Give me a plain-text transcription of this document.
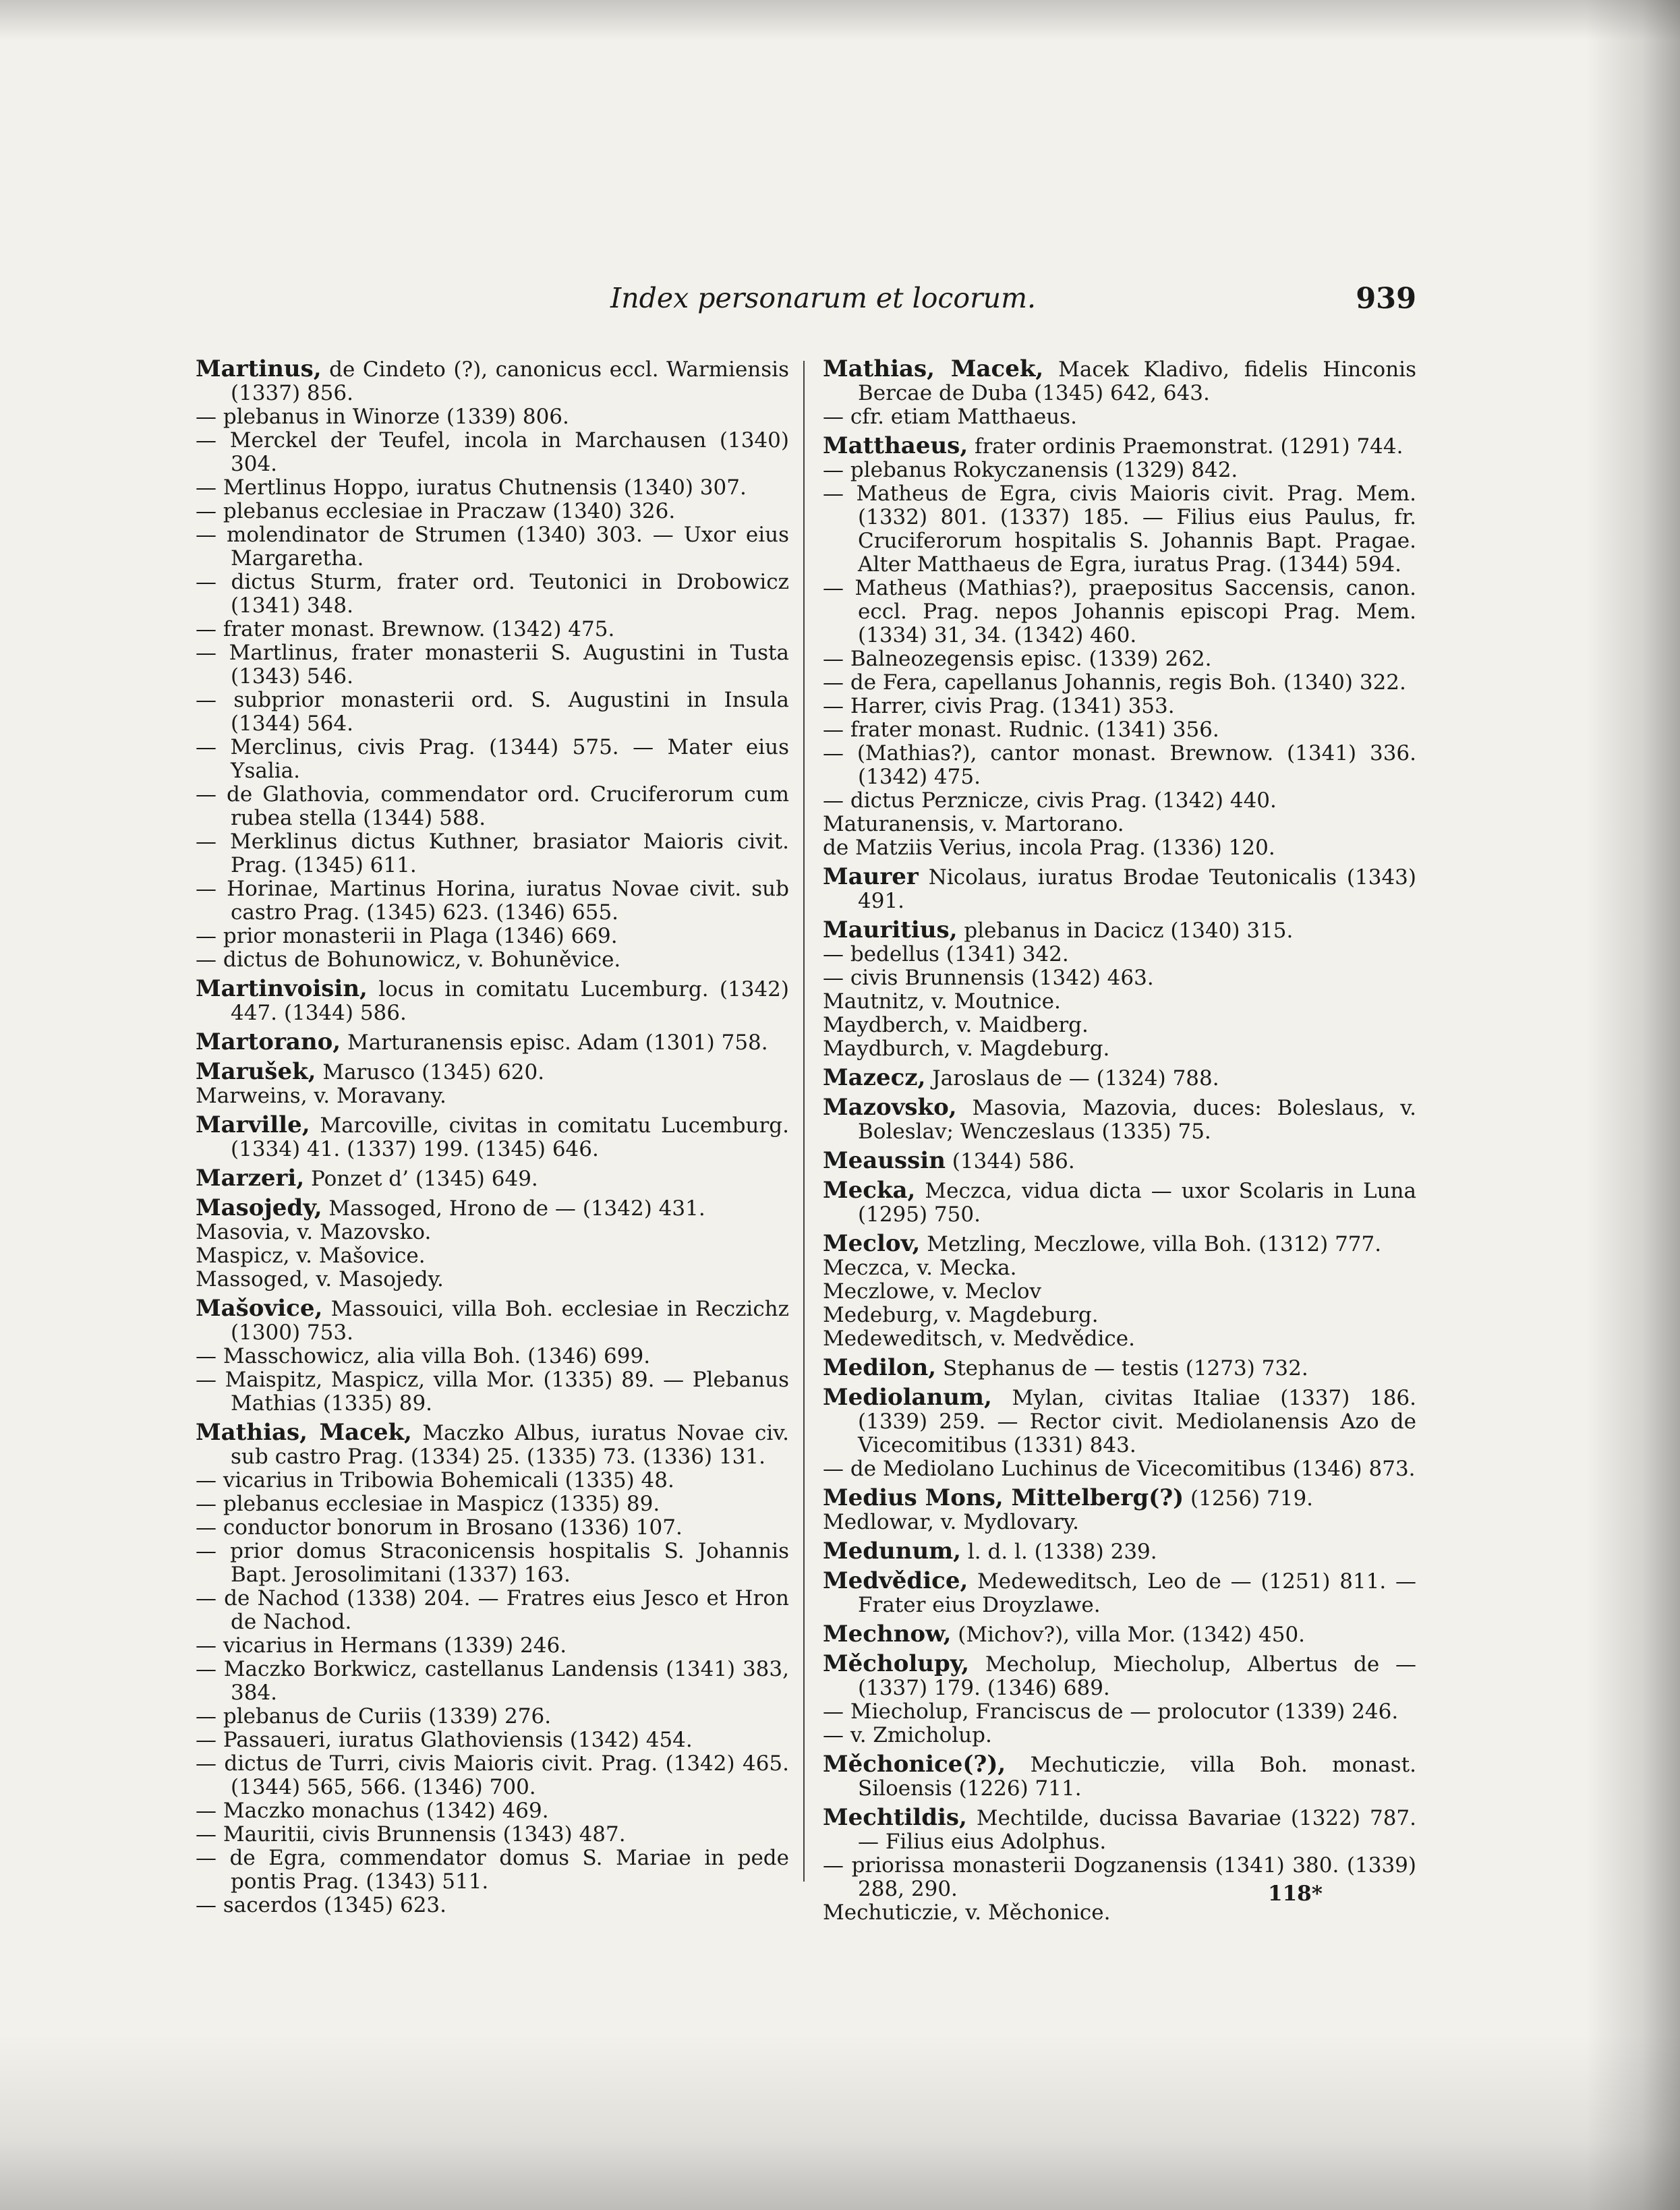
Index personarum et locorum.	939
Martinus, de Cindeto (?), canonicus eccl. Warmiensis (1337) 856.
— plebanus in Winorze (1339) 806.
— Merckel der Teufel, incola in Marchausen (1340) 304.
— Mertlinus Hoppo, iuratus Chutnensis (1340) 307.
— plebanus ecclesiae in Praczaw (1340) 326.
— molendinator de Strumen (1340) 303. — Uxor eius Margaretha.
— dictus Sturm, frater ord. Teutonici in Drobowicz (1341) 348.
— frater monast. Brewnow. (1342) 475.
— Martlinus, frater monasterii S. Augustini in Tusta (1343) 546.
— subprior monasterii ord. S. Augustini in Insula (1344) 564.
— Merclinus, civis Prag. (1344) 575. — Mater eius Ysalia.
— de Glathovia, commendator ord. Cruciferorum cum rubea stella (1344) 588.
— Merklinus dictus Kuthner, brasiator Maioris civit. Prag. (1345) 611.
— Horinae, Martinus Horina, iuratus Novae civit. sub castro Prag. (1345) 623. (1346) 655.
— prior monasterii in Plaga (1346) 669.
— dictus de Bohunowicz, v. Bohuněvice.
Martinvoisin, locus in comitatu Lucemburg. (1342) 447. (1344) 586.
Martorano, Marturanensis episc. Adam (1301) 758.
Marušek, Marusco (1345) 620.
Marweins, v. Moravany.
Marville, Marcoville, civitas in comitatu Lucemburg. (1334) 41. (1337) 199. (1345) 646.
Marzeri, Ponzet d’ (1345) 649.
Masojedy, Massoged, Hrono de — (1342) 431.
Masovia, v. Mazovsko.
Maspicz, v. Mašovice.
Massoged, v. Masojedy.
Mašovice, Massouici, villa Boh. ecclesiae in Reczichz (1300) 753.
— Masschowicz, alia villa Boh. (1346) 699.
— Maispitz, Maspicz, villa Mor. (1335) 89. — Plebanus Mathias (1335) 89.
Mathias, Macek, Maczko Albus, iuratus Novae civ. sub castro Prag. (1334) 25. (1335) 73. (1336) 131.
— vicarius in Tribowia Bohemicali (1335) 48.
— plebanus ecclesiae in Maspicz (1335) 89.
— conductor bonorum in Brosano (1336) 107.
— prior domus Straconicensis hospitalis S. Johannis Bapt. Jerosolimitani (1337) 163.
— de Nachod (1338) 204. — Fratres eius Jesco et Hron de Nachod.
— vicarius in Hermans (1339) 246.
— Maczko Borkwicz, castellanus Landensis (1341) 383, 384.
— plebanus de Curiis (1339) 276.
— Passaueri, iuratus Glathoviensis (1342) 454.
— dictus de Turri, civis Maioris civit. Prag. (1342) 465. (1344) 565, 566. (1346) 700.
— Maczko monachus (1342) 469.
— Mauritii, civis Brunnensis (1343) 487.
— de Egra, commendator domus S. Mariae in pede pontis Prag. (1343) 511.
— sacerdos (1345) 623.
Mathias, Macek, Macek Kladivo, fidelis Hinconis Bercae de Duba (1345) 642, 643.
— cfr. etiam Matthaeus.
Matthaeus, frater ordinis Praemonstrat. (1291) 744.
— plebanus Rokyczanensis (1329) 842.
— Matheus de Egra, civis Maioris civit. Prag. Mem. (1332) 801. (1337) 185. — Filius eius Paulus, fr. Cruciferorum hospitalis S. Johannis Bapt. Pragae. Alter Matthaeus de Egra, iuratus Prag. (1344) 594.
— Matheus (Mathias?), praepositus Saccensis, canon. eccl. Prag. nepos Johannis episcopi Prag. Mem. (1334) 31, 34. (1342) 460.
— Balneozegensis episc. (1339) 262.
— de Fera, capellanus Johannis, regis Boh. (1340) 322.
— Harrer, civis Prag. (1341) 353.
— frater monast. Rudnic. (1341) 356.
— (Mathias?), cantor monast. Brewnow. (1341) 336. (1342) 475.
— dictus Perznicze, civis Prag. (1342) 440.
Maturanensis, v. Martorano.
de Matziis Verius, incola Prag. (1336) 120.
Maurer Nicolaus, iuratus Brodae Teutonicalis (1343) 491.
Mauritius, plebanus in Dacicz (1340) 315.
— bedellus (1341) 342.
— civis Brunnensis (1342) 463.
Mautnitz, v. Moutnice.
Maydberch, v. Maidberg.
Maydburch, v. Magdeburg.
Mazecz, Jaroslaus de — (1324) 788.
Mazovsko, Masovia, Mazovia, duces: Boleslaus, v. Boleslav; Wenczeslaus (1335) 75.
Meaussin (1344) 586.
Mecka, Meczca, vidua dicta — uxor Scolaris in Luna (1295) 750.
Meclov, Metzling, Meczlowe, villa Boh. (1312) 777.
Meczca, v. Mecka.
Meczlowe, v. Meclov
Medeburg, v. Magdeburg.
Medeweditsch, v. Medvědice.
Medilon, Stephanus de — testis (1273) 732.
Mediolanum, Mylan, civitas Italiae (1337) 186. (1339) 259. — Rector civit. Mediolanensis Azo de Vicecomitibus (1331) 843.
— de Mediolano Luchinus de Vicecomitibus (1346) 873.
Medius Mons, Mittelberg(?) (1256) 719.
Medlowar, v. Mydlovary.
Medunum, l. d. l. (1338) 239.
Medvědice, Medeweditsch, Leo de — (1251) 811. — Frater eius Droyzlawe.
Mechnow, (Michov?), villa Mor. (1342) 450.
Měcholupy, Mecholup, Miecholup, Albertus de — (1337) 179. (1346) 689.
— Miecholup, Franciscus de — prolocutor (1339) 246.
— v. Zmicholup.
Měchonice(?), Mechuticzie, villa Boh. monast. Siloensis (1226) 711.
Mechtildis, Mechtilde, ducissa Bavariae (1322) 787. — Filius eius Adolphus.
— priorissa monasterii Dogzanensis (1341) 380. (1339) 288, 290.
Mechuticzie, v. Měchonice.
118*
